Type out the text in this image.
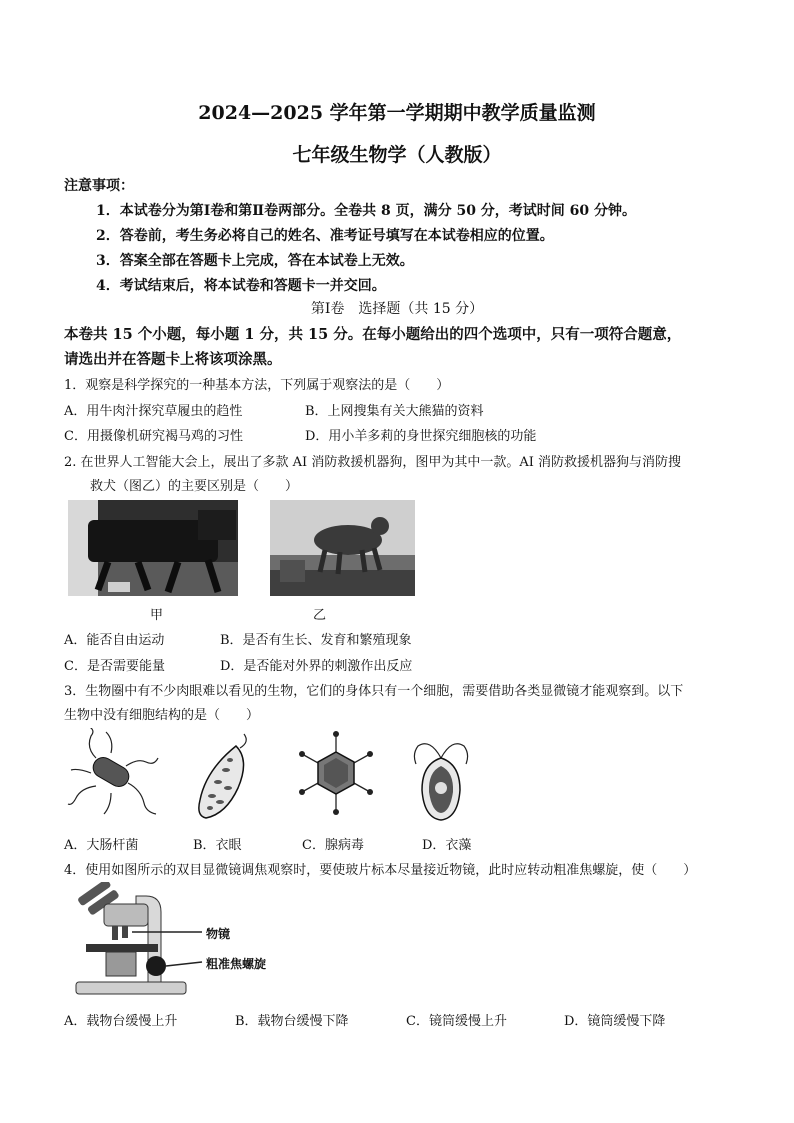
2024—2025 学年第一学期期中教学质量监测
七年级生物学（人教版）
注意事项：
1．本试卷分为第Ⅰ卷和第Ⅱ卷两部分。全卷共 8 页，满分 50 分，考试时间 60 分钟。
2．答卷前，考生务必将自己的姓名、准考证号填写在本试卷相应的位置。
3．答案全部在答题卡上完成，答在本试卷上无效。
4．考试结束后，将本试卷和答题卡一并交回。
第Ⅰ卷　选择题（共 15 分）
本卷共 15 个小题，每小题 1 分，共 15 分。在每小题给出的四个选项中，只有一项符合题意，
请选出并在答题卡上将该项涂黑。
1．观察是科学探究的一种基本方法，下列属于观察法的是（　　）
A．用牛肉汁探究草履虫的趋性	B．上网搜集有关大熊猫的资料
C．用摄像机研究褐马鸡的习性	D．用小羊多莉的身世探究细胞核的功能
2. 在世界人工智能大会上，展出了多款 AI 消防救援机器狗，图甲为其中一款。AI 消防救援机器狗与消防搜
救犬（图乙）的主要区别是（　　）
甲	乙
A．能否自由运动	B．是否有生长、发育和繁殖现象
C．是否需要能量	D．是否能对外界的刺激作出反应
3．生物圈中有不少肉眼难以看见的生物，它们的身体只有一个细胞，需要借助各类显微镜才能观察到。以下
生物中没有细胞结构的是（　　）
A．大肠杆菌	B．衣眼	C．腺病毒	D．衣藻
4．使用如图所示的双目显微镜调焦观察时，要使玻片标本尽量接近物镜，此时应转动粗准焦螺旋，使（　　）
物镜
粗准焦螺旋
A．载物台缓慢上升	B．载物台缓慢下降	C．镜筒缓慢上升	D．镜筒缓慢下降
